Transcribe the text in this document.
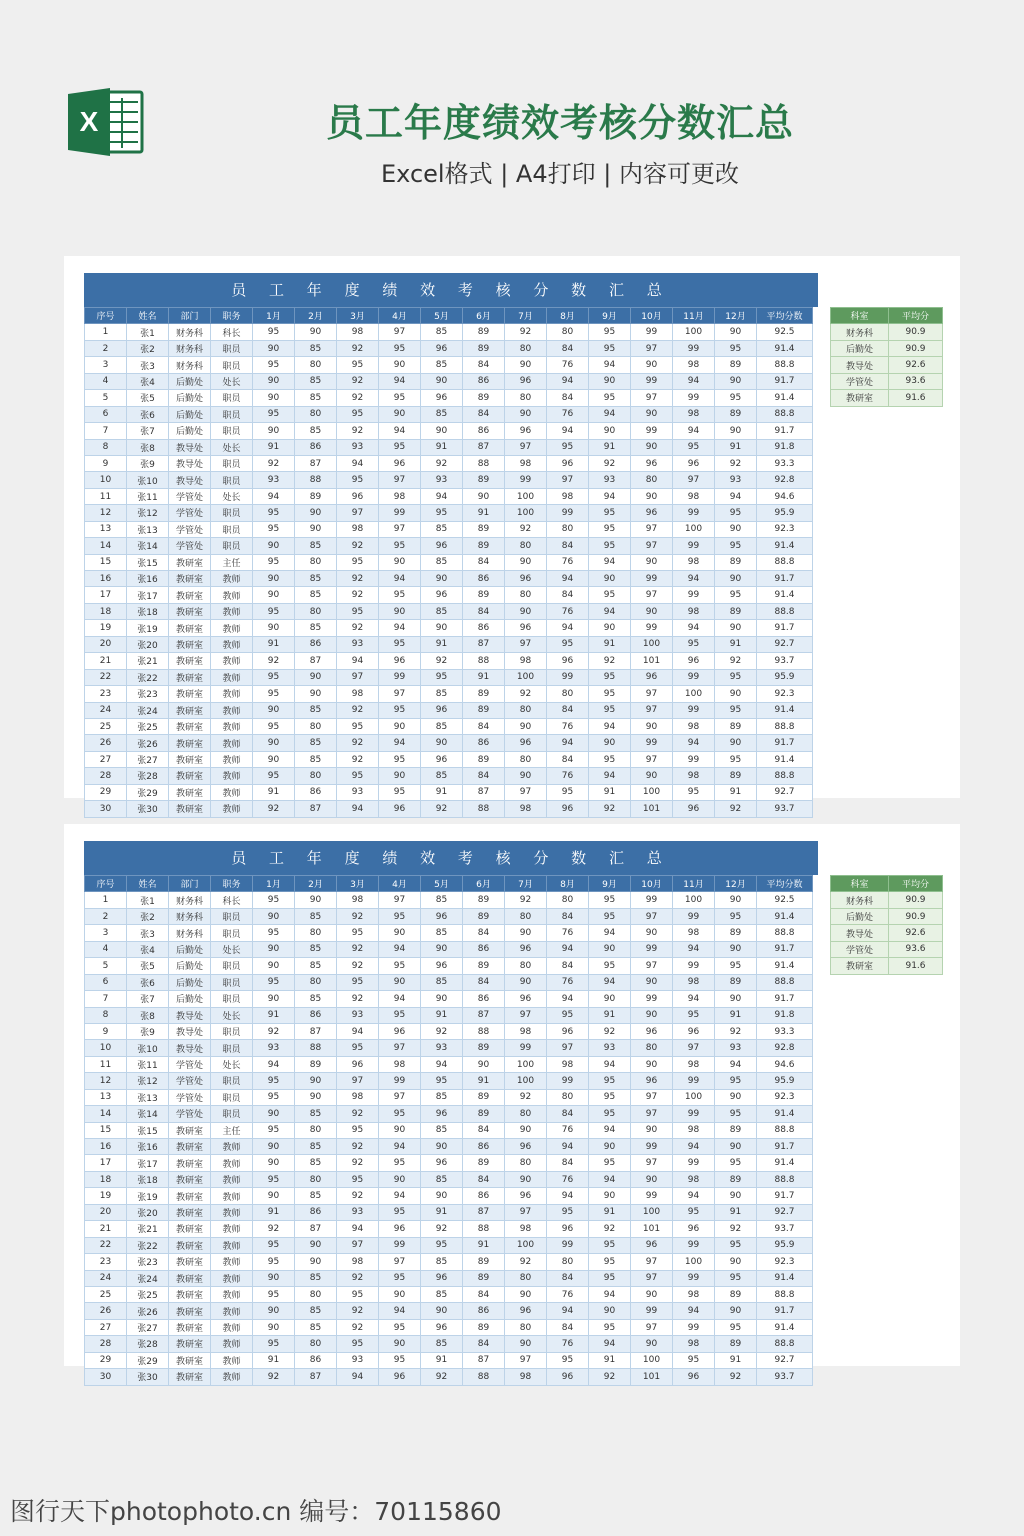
X	员工年度绩效考核分数汇总
Excel格式 | A4打印 | 内容可更改
员 工 年 度 绩 效 考 核 分 数 汇 总
序号	姓名	部门	职务	1月	2月	3月	4月	5月	6月	7月	8月	9月	10月	11月	12月	平均分数
1	张1	财务科	科长	95	90	98	97	85	89	92	80	95	99	100	90	92.5
2	张2	财务科	职员	90	85	92	95	96	89	80	84	95	97	99	95	91.4
3	张3	财务科	职员	95	80	95	90	85	84	90	76	94	90	98	89	88.8
4	张4	后勤处	处长	90	85	92	94	90	86	96	94	90	99	94	90	91.7
5	张5	后勤处	职员	90	85	92	95	96	89	80	84	95	97	99	95	91.4
6	张6	后勤处	职员	95	80	95	90	85	84	90	76	94	90	98	89	88.8
7	张7	后勤处	职员	90	85	92	94	90	86	96	94	90	99	94	90	91.7
8	张8	教导处	处长	91	86	93	95	91	87	97	95	91	90	95	91	91.8
9	张9	教导处	职员	92	87	94	96	92	88	98	96	92	96	96	92	93.3
10	张10	教导处	职员	93	88	95	97	93	89	99	97	93	80	97	93	92.8
11	张11	学管处	处长	94	89	96	98	94	90	100	98	94	90	98	94	94.6
12	张12	学管处	职员	95	90	97	99	95	91	100	99	95	96	99	95	95.9
13	张13	学管处	职员	95	90	98	97	85	89	92	80	95	97	100	90	92.3
14	张14	学管处	职员	90	85	92	95	96	89	80	84	95	97	99	95	91.4
15	张15	教研室	主任	95	80	95	90	85	84	90	76	94	90	98	89	88.8
16	张16	教研室	教师	90	85	92	94	90	86	96	94	90	99	94	90	91.7
17	张17	教研室	教师	90	85	92	95	96	89	80	84	95	97	99	95	91.4
18	张18	教研室	教师	95	80	95	90	85	84	90	76	94	90	98	89	88.8
19	张19	教研室	教师	90	85	92	94	90	86	96	94	90	99	94	90	91.7
20	张20	教研室	教师	91	86	93	95	91	87	97	95	91	100	95	91	92.7
21	张21	教研室	教师	92	87	94	96	92	88	98	96	92	101	96	92	93.7
22	张22	教研室	教师	95	90	97	99	95	91	100	99	95	96	99	95	95.9
23	张23	教研室	教师	95	90	98	97	85	89	92	80	95	97	100	90	92.3
24	张24	教研室	教师	90	85	92	95	96	89	80	84	95	97	99	95	91.4
25	张25	教研室	教师	95	80	95	90	85	84	90	76	94	90	98	89	88.8
26	张26	教研室	教师	90	85	92	94	90	86	96	94	90	99	94	90	91.7
27	张27	教研室	教师	90	85	92	95	96	89	80	84	95	97	99	95	91.4
28	张28	教研室	教师	95	80	95	90	85	84	90	76	94	90	98	89	88.8
29	张29	教研室	教师	91	86	93	95	91	87	97	95	91	100	95	91	92.7
30	张30	教研室	教师	92	87	94	96	92	88	98	96	92	101	96	92	93.7
科室	平均分
财务科	90.9
后勤处	90.9
教导处	92.6
学管处	93.6
教研室	91.6
员 工 年 度 绩 效 考 核 分 数 汇 总
序号	姓名	部门	职务	1月	2月	3月	4月	5月	6月	7月	8月	9月	10月	11月	12月	平均分数
1	张1	财务科	科长	95	90	98	97	85	89	92	80	95	99	100	90	92.5
2	张2	财务科	职员	90	85	92	95	96	89	80	84	95	97	99	95	91.4
3	张3	财务科	职员	95	80	95	90	85	84	90	76	94	90	98	89	88.8
4	张4	后勤处	处长	90	85	92	94	90	86	96	94	90	99	94	90	91.7
5	张5	后勤处	职员	90	85	92	95	96	89	80	84	95	97	99	95	91.4
6	张6	后勤处	职员	95	80	95	90	85	84	90	76	94	90	98	89	88.8
7	张7	后勤处	职员	90	85	92	94	90	86	96	94	90	99	94	90	91.7
8	张8	教导处	处长	91	86	93	95	91	87	97	95	91	90	95	91	91.8
9	张9	教导处	职员	92	87	94	96	92	88	98	96	92	96	96	92	93.3
10	张10	教导处	职员	93	88	95	97	93	89	99	97	93	80	97	93	92.8
11	张11	学管处	处长	94	89	96	98	94	90	100	98	94	90	98	94	94.6
12	张12	学管处	职员	95	90	97	99	95	91	100	99	95	96	99	95	95.9
13	张13	学管处	职员	95	90	98	97	85	89	92	80	95	97	100	90	92.3
14	张14	学管处	职员	90	85	92	95	96	89	80	84	95	97	99	95	91.4
15	张15	教研室	主任	95	80	95	90	85	84	90	76	94	90	98	89	88.8
16	张16	教研室	教师	90	85	92	94	90	86	96	94	90	99	94	90	91.7
17	张17	教研室	教师	90	85	92	95	96	89	80	84	95	97	99	95	91.4
18	张18	教研室	教师	95	80	95	90	85	84	90	76	94	90	98	89	88.8
19	张19	教研室	教师	90	85	92	94	90	86	96	94	90	99	94	90	91.7
20	张20	教研室	教师	91	86	93	95	91	87	97	95	91	100	95	91	92.7
21	张21	教研室	教师	92	87	94	96	92	88	98	96	92	101	96	92	93.7
22	张22	教研室	教师	95	90	97	99	95	91	100	99	95	96	99	95	95.9
23	张23	教研室	教师	95	90	98	97	85	89	92	80	95	97	100	90	92.3
24	张24	教研室	教师	90	85	92	95	96	89	80	84	95	97	99	95	91.4
25	张25	教研室	教师	95	80	95	90	85	84	90	76	94	90	98	89	88.8
26	张26	教研室	教师	90	85	92	94	90	86	96	94	90	99	94	90	91.7
27	张27	教研室	教师	90	85	92	95	96	89	80	84	95	97	99	95	91.4
28	张28	教研室	教师	95	80	95	90	85	84	90	76	94	90	98	89	88.8
29	张29	教研室	教师	91	86	93	95	91	87	97	95	91	100	95	91	92.7
30	张30	教研室	教师	92	87	94	96	92	88	98	96	92	101	96	92	93.7
科室	平均分
财务科	90.9
后勤处	90.9
教导处	92.6
学管处	93.6
教研室	91.6
图行天下photophoto.cn 编号：70115860
